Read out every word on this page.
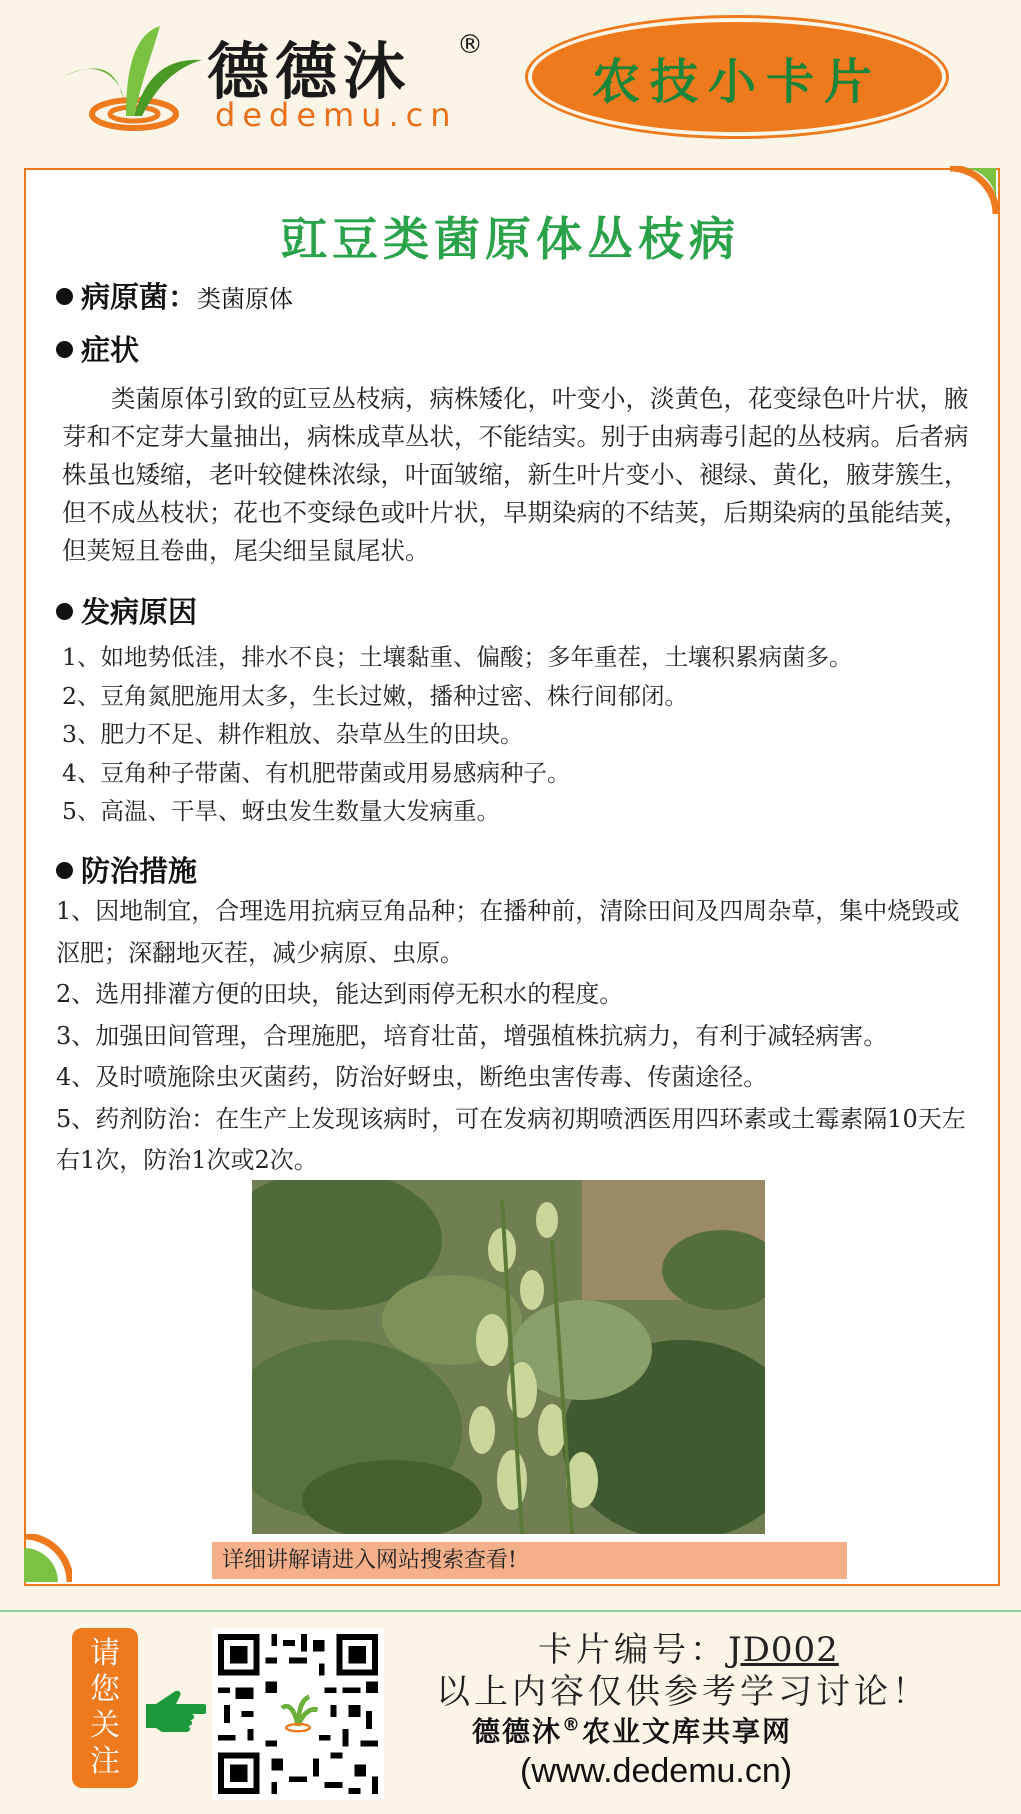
德德沐 ®
dedemu.cn
农技小卡片
豇豆类菌原体丛枝病
病原菌：类菌原体
症状

类菌原体引致的豇豆丛枝病，病株矮化，叶变小，淡黄色，花变绿色叶片状，腋芽和不定芽大量抽出，病株成草丛状，不能结实。别于由病毒引起的丛枝病。后者病株虽也矮缩，老叶较健株浓绿，叶面皱缩，新生叶片变小、褪绿、黄化，腋芽簇生，但不成丛枝状；花也不变绿色或叶片状，早期染病的不结荚，后期染病的虽能结荚，但荚短且卷曲，尾尖细呈鼠尾状。

发病原因
1、如地势低洼，排水不良；土壤黏重、偏酸；多年重茬，土壤积累病菌多。
2、豆角氮肥施用太多，生长过嫩，播种过密、株行间郁闭。
3、肥力不足、耕作粗放、杂草丛生的田块。
4、豆角种子带菌、有机肥带菌或用易感病种子。
5、高温、干旱、蚜虫发生数量大发病重。
防治措施
1、因地制宜，合理选用抗病豆角品种；在播种前，清除田间及四周杂草，集中烧毁或沤肥；深翻地灭茬，减少病原、虫原。
2、选用排灌方便的田块，能达到雨停无积水的程度。
3、加强田间管理，合理施肥，培育壮苗，增强植株抗病力，有利于减轻病害。
4、及时喷施除虫灭菌药，防治好蚜虫，断绝虫害传毒、传菌途径。
5、药剂防治：在生产上发现该病时，可在发病初期喷洒医用四环素或土霉素隔10天左右1次，防治1次或2次。
详细讲解请进入网站搜索查看!
请
您
关
注
卡片编号：JD002
以上内容仅供参考学习讨论！
德德沐®农业文库共享网
(www.dedemu.cn)
